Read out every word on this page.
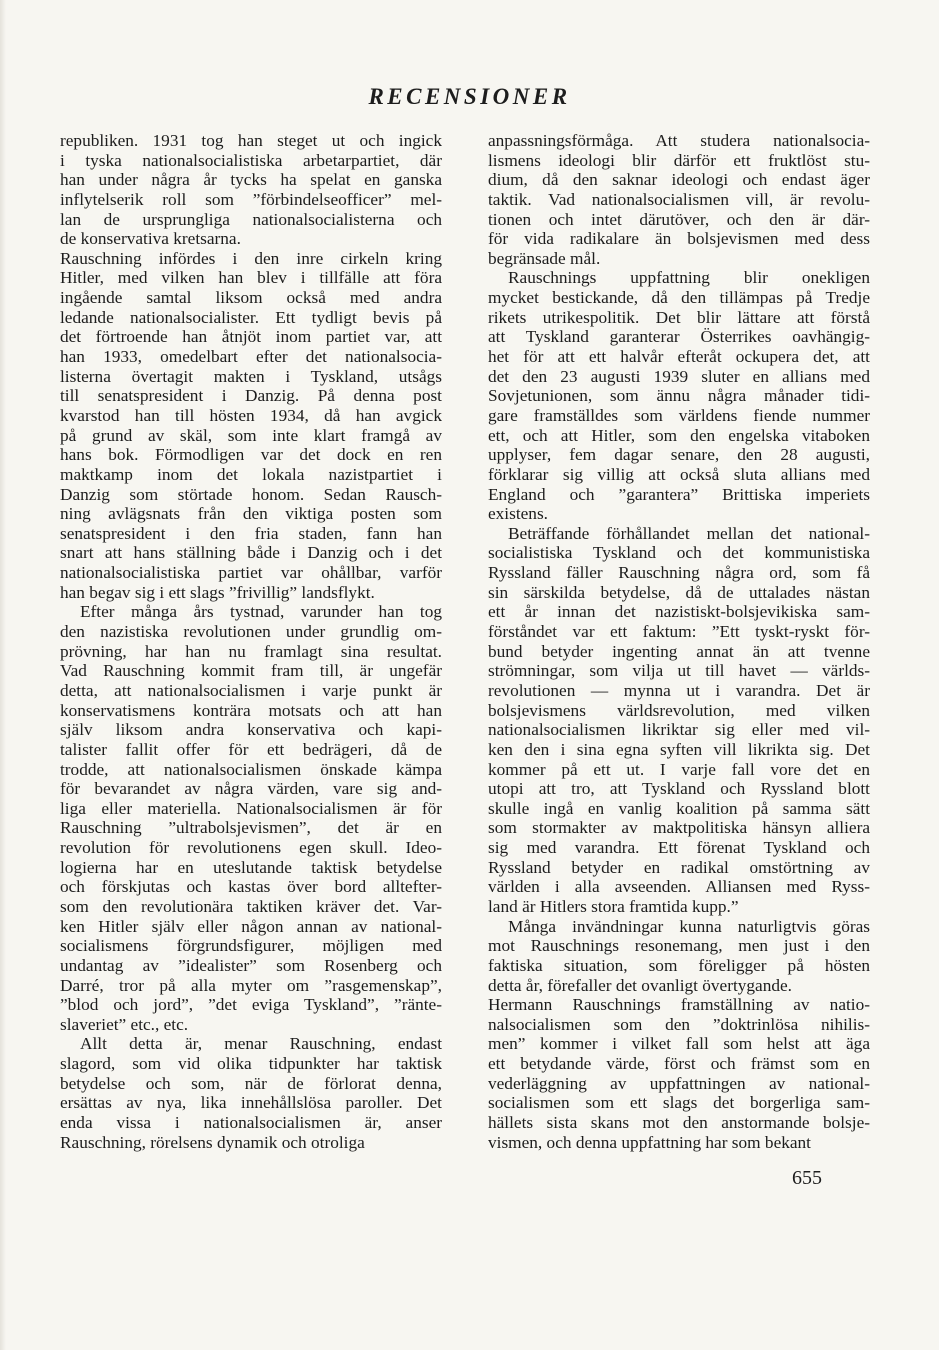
RECENSIONER
republiken. 1931 tog han steget ut och ingick
i tyska nationalsocialistiska arbetarpartiet, där
han under några år tycks ha spelat en ganska
inflytelserik roll som ”förbindelseofficer” mel-
lan de ursprungliga nationalsocialisterna och
de konservativa kretsarna.
Rauschning infördes i den inre cirkeln kring
Hitler, med vilken han blev i tillfälle att föra
ingående samtal liksom också med andra
ledande nationalsocialister. Ett tydligt bevis på
det förtroende han åtnjöt inom partiet var, att
han 1933, omedelbart efter det nationalsocia-
listerna övertagit makten i Tyskland, utsågs
till senatspresident i Danzig. På denna post
kvarstod han till hösten 1934, då han avgick
på grund av skäl, som inte klart framgå av
hans bok. Förmodligen var det dock en ren
maktkamp inom det lokala nazistpartiet i
Danzig som störtade honom. Sedan Rausch-
ning avlägsnats från den viktiga posten som
senatspresident i den fria staden, fann han
snart att hans ställning både i Danzig och i det
nationalsocialistiska partiet var ohållbar, varför
han begav sig i ett slags ”frivillig” landsflykt.
Efter många års tystnad, varunder han tog
den nazistiska revolutionen under grundlig om-
prövning, har han nu framlagt sina resultat.
Vad Rauschning kommit fram till, är ungefär
detta, att nationalsocialismen i varje punkt är
konservatismens konträra motsats och att han
själv liksom andra konservativa och kapi-
talister fallit offer för ett bedrägeri, då de
trodde, att nationalsocialismen önskade kämpa
för bevarandet av några värden, vare sig and-
liga eller materiella. Nationalsocialismen är för
Rauschning ”ultrabolsjevismen”, det är en
revolution för revolutionens egen skull. Ideo-
logierna har en uteslutande taktisk betydelse
och förskjutas och kastas över bord alltefter-
som den revolutionära taktiken kräver det. Var-
ken Hitler själv eller någon annan av national-
socialismens förgrundsfigurer, möjligen med
undantag av ”idealister” som Rosenberg och
Darré, tror på alla myter om ”rasgemenskap”,
”blod och jord”, ”det eviga Tyskland”, ”ränte-
slaveriet” etc., etc.
Allt detta är, menar Rauschning, endast
slagord, som vid olika tidpunkter har taktisk
betydelse och som, när de förlorat denna,
ersättas av nya, lika innehållslösa paroller. Det
enda vissa i nationalsocialismen är, anser
Rauschning, rörelsens dynamik och otroliga
anpassningsförmåga. Att studera nationalsocia-
lismens ideologi blir därför ett fruktlöst stu-
dium, då den saknar ideologi och endast äger
taktik. Vad nationalsocialismen vill, är revolu-
tionen och intet därutöver, och den är där-
för vida radikalare än bolsjevismen med dess
begränsade mål.
Rauschnings uppfattning blir onekligen
mycket bestickande, då den tillämpas på Tredje
rikets utrikespolitik. Det blir lättare att förstå
att Tyskland garanterar Österrikes oavhängig-
het för att ett halvår efteråt ockupera det, att
det den 23 augusti 1939 sluter en allians med
Sovjetunionen, som ännu några månader tidi-
gare framställdes som världens fiende nummer
ett, och att Hitler, som den engelska vitaboken
upplyser, fem dagar senare, den 28 augusti,
förklarar sig villig att också sluta allians med
England och ”garantera” Brittiska imperiets
existens.
Beträffande förhållandet mellan det national-
socialistiska Tyskland och det kommunistiska
Ryssland fäller Rauschning några ord, som få
sin särskilda betydelse, då de uttalades nästan
ett år innan det nazistiskt-bolsjevikiska sam-
förståndet var ett faktum: ”Ett tyskt-ryskt för-
bund betyder ingenting annat än att tvenne
strömningar, som vilja ut till havet — världs-
revolutionen — mynna ut i varandra. Det är
bolsjevismens världsrevolution, med vilken
nationalsocialismen likriktar sig eller med vil-
ken den i sina egna syften vill likrikta sig. Det
kommer på ett ut. I varje fall vore det en
utopi att tro, att Tyskland och Ryssland blott
skulle ingå en vanlig koalition på samma sätt
som stormakter av maktpolitiska hänsyn alliera
sig med varandra. Ett förenat Tyskland och
Ryssland betyder en radikal omstörtning av
världen i alla avseenden. Alliansen med Ryss-
land är Hitlers stora framtida kupp.”
Många invändningar kunna naturligtvis göras
mot Rauschnings resonemang, men just i den
faktiska situation, som föreligger på hösten
detta år, förefaller det ovanligt övertygande.
Hermann Rauschnings framställning av natio-
nalsocialismen som den ”doktrinlösa nihilis-
men” kommer i vilket fall som helst att äga
ett betydande värde, först och främst som en
vederläggning av uppfattningen av national-
socialismen som ett slags det borgerliga sam-
hällets sista skans mot den anstormande bolsje-
vismen, och denna uppfattning har som bekant
655
